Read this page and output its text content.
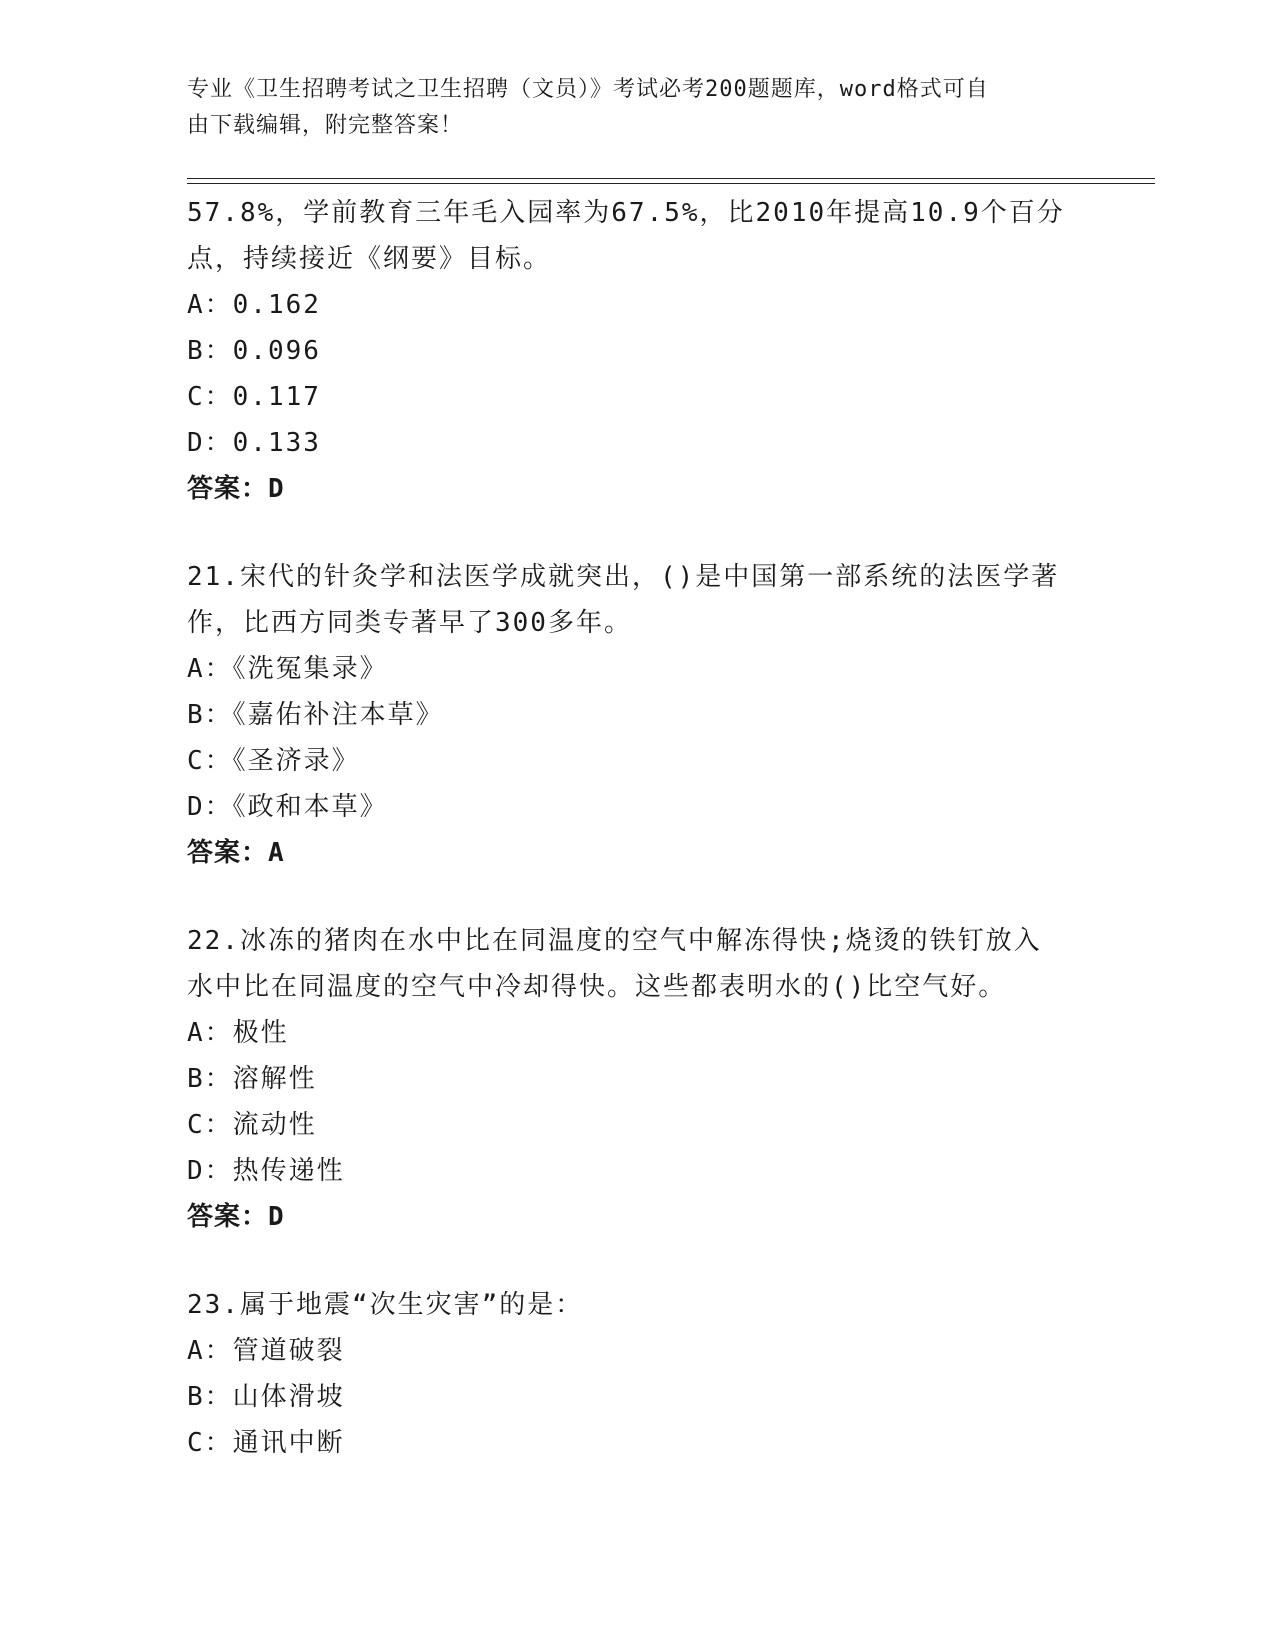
专业《卫生招聘考试之卫生招聘（文员）》考试必考200题题库，word格式可自
由下载编辑，附完整答案！
57.8%，学前教育三年毛入园率为67.5%，比2010年提高10.9个百分
点，持续接近《纲要》目标。
A：0.162
B：0.096
C：0.117
D：0.133
答案：D
21.宋代的针灸学和法医学成就突出，()是中国第一部系统的法医学著
作，比西方同类专著早了300多年。
A：《洗冤集录》
B：《嘉佑补注本草》
C：《圣济录》
D：《政和本草》
答案：A
22.冰冻的猪肉在水中比在同温度的空气中解冻得快;烧烫的铁钉放入
水中比在同温度的空气中冷却得快。这些都表明水的()比空气好。
A：极性
B：溶解性
C：流动性
D：热传递性
答案：D
23.属于地震“次生灾害”的是：
A：管道破裂
B：山体滑坡
C：通讯中断
